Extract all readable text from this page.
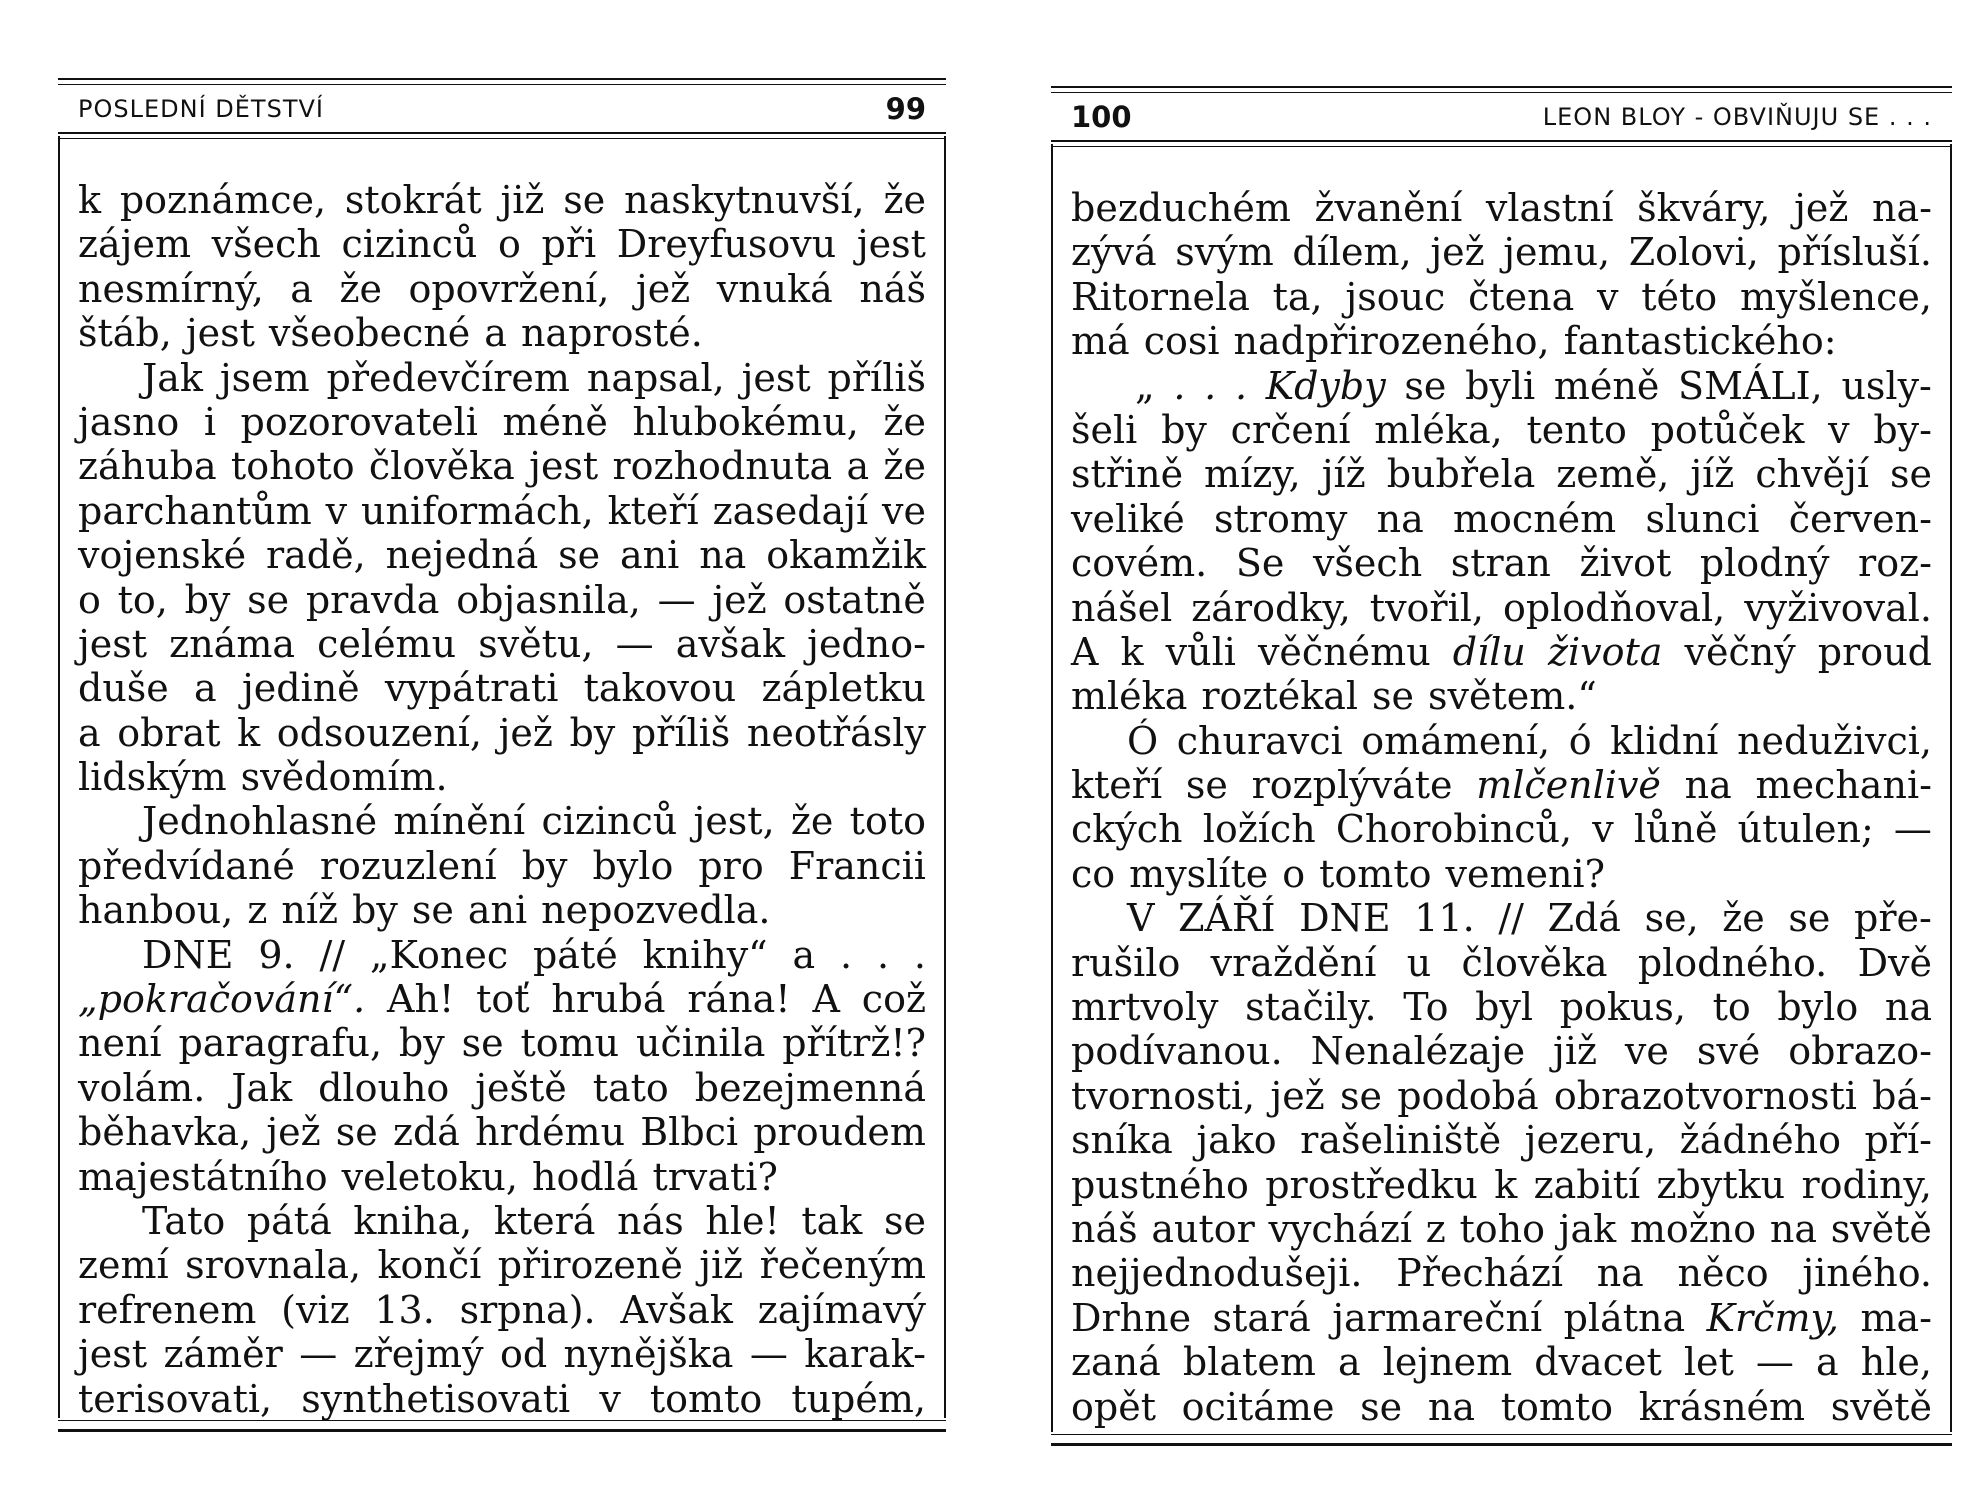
POSLEDNÍ DĚTSTVÍ	99
k poznámce, stokrát již se naskytnuvší, že
zájem všech cizinců o při Dreyfusovu jest
nesmírný, a že opovržení, jež vnuká náš
štáb, jest všeobecné a naprosté.
Jak jsem předevčírem napsal, jest příliš
jasno i pozorovateli méně hlubokému, že
záhuba tohoto člověka jest rozhodnuta a že
parchantům v uniformách, kteří zasedají ve
vojenské radě, nejedná se ani na okamžik
o to, by se pravda objasnila, — jež ostatně
jest známa celému světu, — avšak jedno-
duše a jedině vypátrati takovou zápletku
a obrat k odsouzení, jež by příliš neotřásly
lidským svědomím.
Jednohlasné mínění cizinců jest, že toto
předvídané rozuzlení by bylo pro Francii
hanbou, z níž by se ani nepozvedla.
DNE 9. // „Konec páté knihy“ a . . .
„pokračování“. Ah! toť hrubá rána! A což
není paragrafu, by se tomu učinila přítrž!?
volám. Jak dlouho ještě tato bezejmenná
běhavka, jež se zdá hrdému Blbci proudem
majestátního veletoku, hodlá trvati?
Tato pátá kniha, která nás hle! tak se
zemí srovnala, končí přirozeně již řečeným
refrenem (viz 13. srpna). Avšak zajímavý
jest záměr — zřejmý od nynějška — karak-
terisovati, synthetisovati v tomto tupém,
100	LEON BLOY - OBVIŇUJU SE . . .
bezduchém žvanění vlastní škváry, jež na-
zývá svým dílem, jež jemu, Zolovi, přísluší.
Ritornela ta, jsouc čtena v této myšlence,
má cosi nadpřirozeného, fantastického:
„ . . . Kdyby se byli méně SMÁLI, usly-
šeli by crčení mléka, tento potůček v by-
střině mízy, jíž bubřela země, jíž chvějí se
veliké stromy na mocném slunci červen-
covém. Se všech stran život plodný roz-
nášel zárodky, tvořil, oplodňoval, vyživoval.
A k vůli věčnému dílu života věčný proud
mléka roztékal se světem.“
Ó churavci omámení, ó klidní neduživci,
kteří se rozplýváte mlčenlivě na mechani-
ckých ložích Chorobinců, v lůně útulen; —
co myslíte o tomto vemeni?
V ZÁŘÍ DNE 11. // Zdá se, že se pře-
rušilo vraždění u člověka plodného. Dvě
mrtvoly stačily. To byl pokus, to bylo na
podívanou. Nenalézaje již ve své obrazo-
tvornosti, jež se podobá obrazotvornosti bá-
sníka jako rašeliniště jezeru, žádného pří-
pustného prostředku k zabití zbytku rodiny,
náš autor vychází z toho jak možno na světě
nejjednodušeji. Přechází na něco jiného.
Drhne stará jarmareční plátna Krčmy, ma-
zaná blatem a lejnem dvacet let — a hle,
opět ocitáme se na tomto krásném světě
